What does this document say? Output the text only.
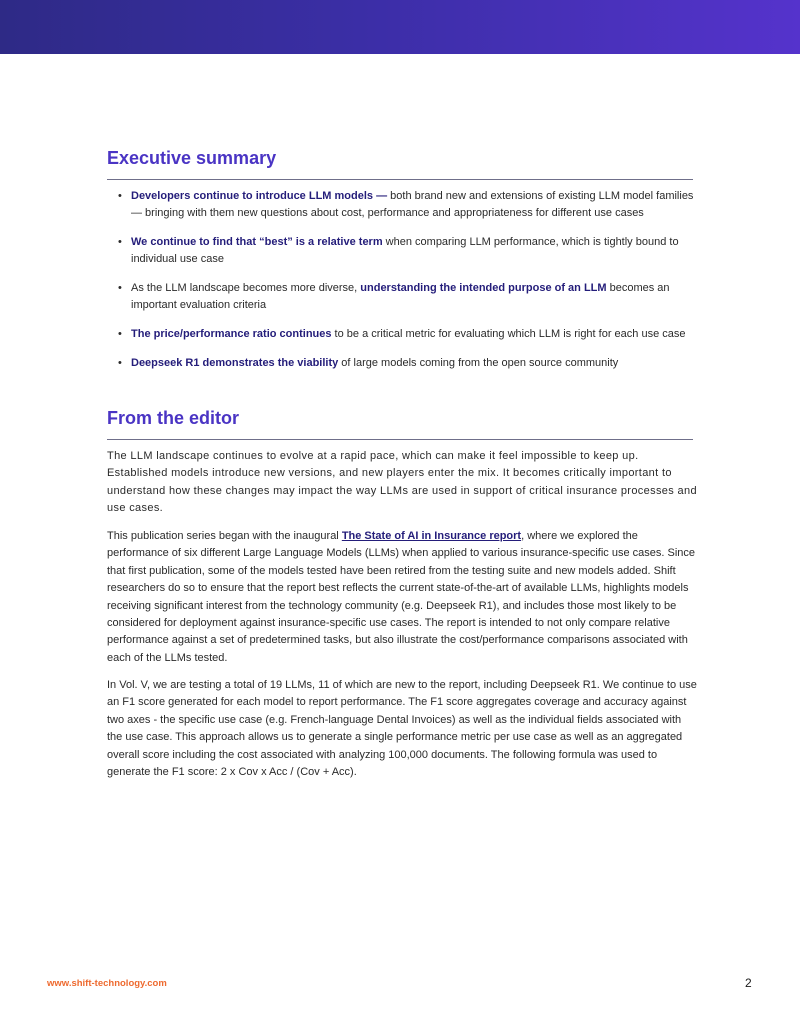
Executive summary
• Developers continue to introduce LLM models — both brand new and extensions of existing LLM model families — bringing with them new questions about cost, performance and appropriateness for different use cases
• We continue to find that “best” is a relative term when comparing LLM performance, which is tightly bound to individual use case
• As the LLM landscape becomes more diverse, understanding the intended purpose of an LLM becomes an important evaluation criteria
• The price/performance ratio continues to be a critical metric for evaluating which LLM is right for each use case
• Deepseek R1 demonstrates the viability of large models coming from the open source community
From the editor

The LLM landscape continues to evolve at a rapid pace, which can make it feel impossible to keep up. Established models introduce new versions, and new players enter the mix. It becomes critically important to understand how these changes may impact the way LLMs are used in support of critical insurance processes and use cases.

This publication series began with the inaugural The State of AI in Insurance report, where we explored the performance of six different Large Language Models (LLMs) when applied to various insurance-specific use cases. Since that first publication, some of the models tested have been retired from the testing suite and new models added. Shift researchers do so to ensure that the report best reflects the current state-of-the-art of available LLMs, highlights models receiving significant interest from the technology community (e.g. Deepseek R1), and includes those most likely to be considered for deployment against insurance-specific use cases. The report is intended to not only compare relative performance against a set of predetermined tasks, but also illustrate the cost/performance comparisons associated with each of the LLMs tested.

In Vol. V, we are testing a total of 19 LLMs, 11 of which are new to the report, including Deepseek R1. We continue to use an F1 score generated for each model to report performance. The F1 score aggregates coverage and accuracy against two axes - the specific use case (e.g. French-language Dental Invoices) as well as the individual fields associated with the use case. This approach allows us to generate a single performance metric per use case as well as an aggregated overall score including the cost associated with analyzing 100,000 documents. The following formula was used to generate the F1 score: 2 x Cov x Acc / (Cov + Acc).

www.shift-technology.com	2
